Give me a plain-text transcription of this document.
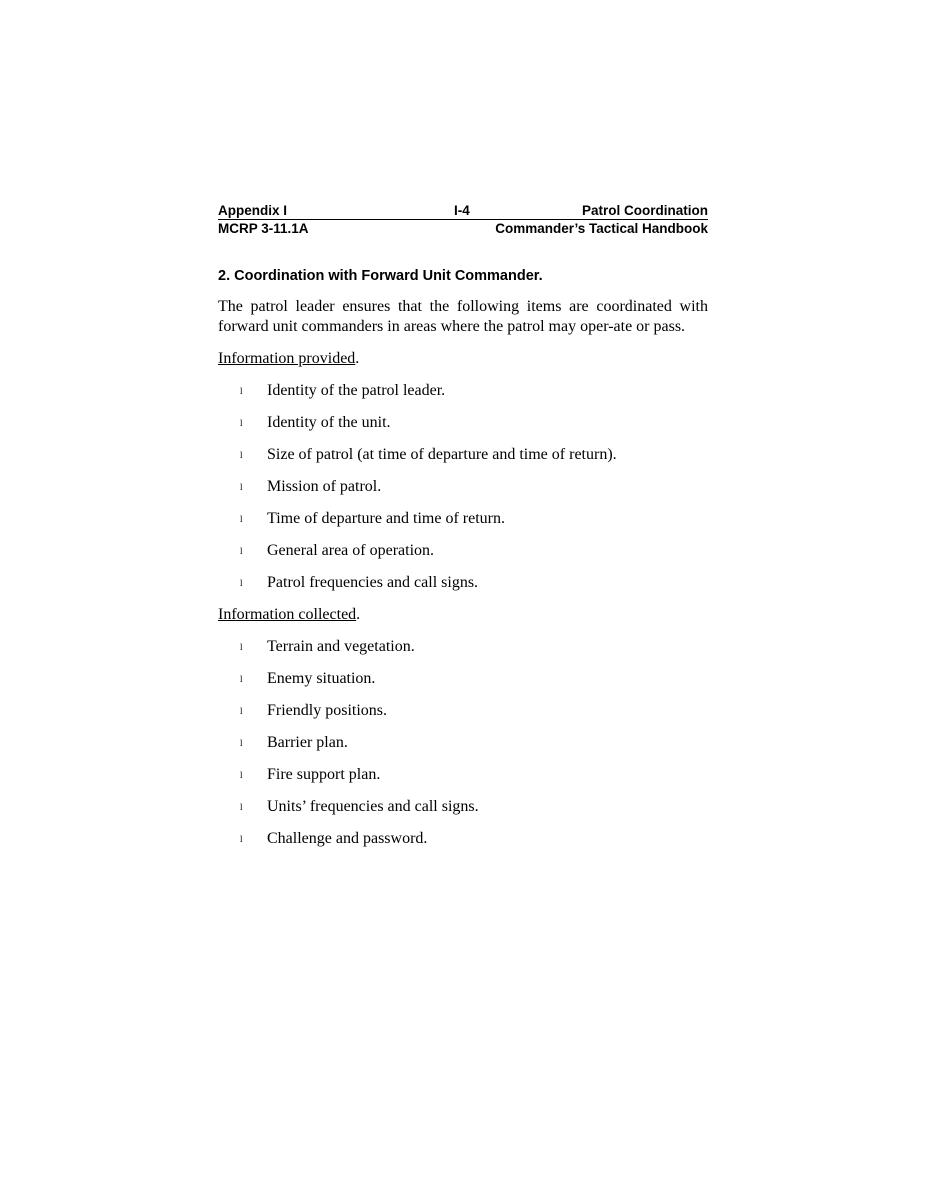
Appendix I	I-4	Patrol Coordination
MCRP 3-11.1A	Commander’s Tactical Handbook
2. Coordination with Forward Unit Commander.

The patrol leader ensures that the following items are coordinated with forward unit commanders in areas where the patrol may oper-ate or pass.

Information provided.

l Identity of the patrol leader.
l Identity of the unit.
l Size of patrol (at time of departure and time of return).
l Mission of patrol.
l Time of departure and time of return.
l General area of operation.
l Patrol frequencies and call signs.

Information collected.

l Terrain and vegetation.
l Enemy situation.
l Friendly positions.
l Barrier plan.
l Fire support plan.
l Units’ frequencies and call signs.
l Challenge and password.
